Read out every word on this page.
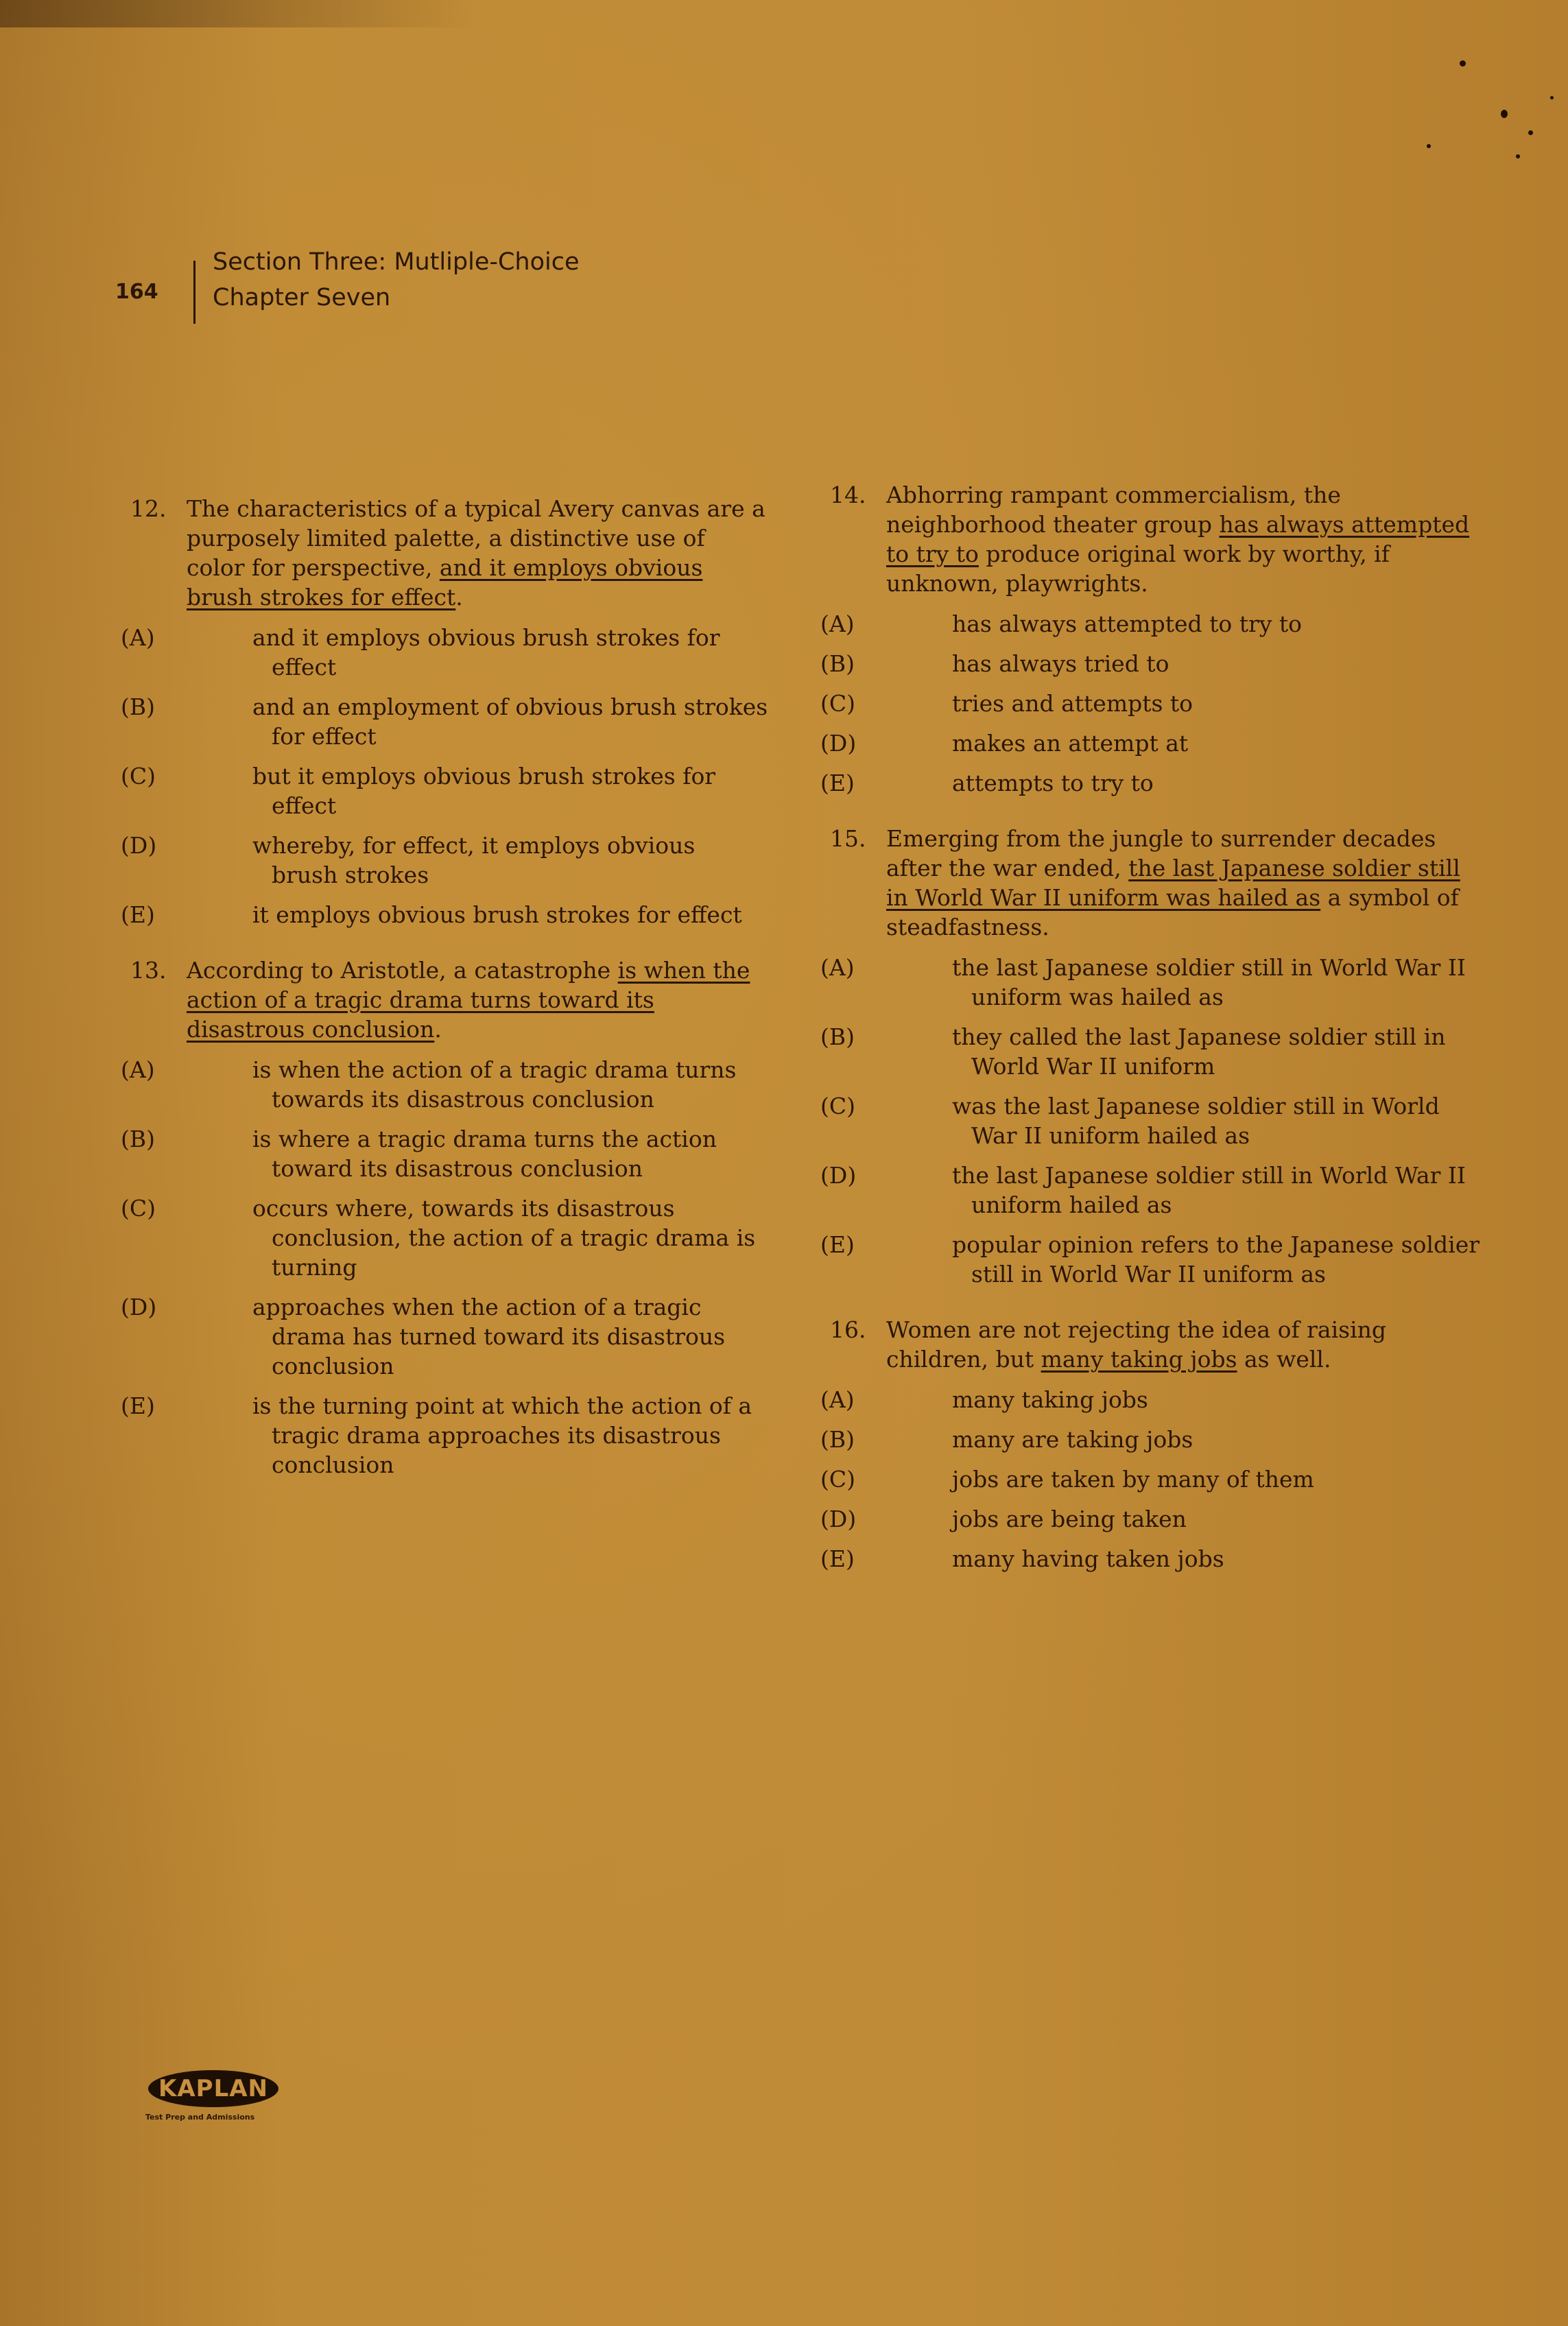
164
Section Three: Mutliple-Choice
Chapter Seven
12. The characteristics of a typical Avery canvas are a purposely limited palette, a distinctive use of color for perspective, and it employs obvious brush strokes for effect.
(A)	and it employs obvious brush strokes for effect
(B)	and an employment of obvious brush strokes for effect
(C)	but it employs obvious brush strokes for effect
(D)	whereby, for effect, it employs obvious brush strokes
(E)	it employs obvious brush strokes for effect
13. According to Aristotle, a catastrophe is when the action of a tragic drama turns toward its disastrous conclusion.
(A)	is when the action of a tragic drama turns towards its disastrous conclusion
(B)	is where a tragic drama turns the action toward its disastrous conclusion
(C)	occurs where, towards its disastrous conclusion, the action of a tragic drama is turning
(D)	approaches when the action of a tragic drama has turned toward its disastrous conclusion
(E)	is the turning point at which the action of a tragic drama approaches its disastrous conclusion
14. Abhorring rampant commercialism, the neighborhood theater group has always attempted to try to produce original work by worthy, if unknown, playwrights.
(A)	has always attempted to try to
(B)	has always tried to
(C)	tries and attempts to
(D)	makes an attempt at
(E)	attempts to try to
15. Emerging from the jungle to surrender decades after the war ended, the last Japanese soldier still in World War II uniform was hailed as a symbol of steadfastness.
(A)	the last Japanese soldier still in World War II uniform was hailed as
(B)	they called the last Japanese soldier still in World War II uniform
(C)	was the last Japanese soldier still in World War II uniform hailed as
(D)	the last Japanese soldier still in World War II uniform hailed as
(E)	popular opinion refers to the Japanese soldier still in World War II uniform as
16. Women are not rejecting the idea of raising children, but many taking jobs as well.
(A)	many taking jobs
(B)	many are taking jobs
(C)	jobs are taken by many of them
(D)	jobs are being taken
(E)	many having taken jobs
KAPLAN
Test Prep and Admissions
